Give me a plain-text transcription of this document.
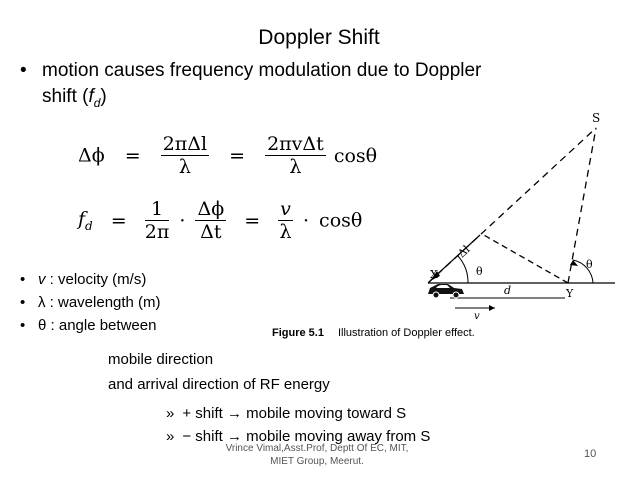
Doppler Shift
• motion causes frequency modulation due to Doppler
shift $(f_d)$
$\Delta\phi = \frac{\text{2πΔl}}{\lambda} = \frac{\text{2πvΔt}}{\lambda}$ cosθ
$f_d = \frac{1}{2\pi} \cdot \frac{\Delta\phi}{\Delta t} = \frac{v}{\lambda} \cdot \cos\theta$
• v : velocity (m/s)
• λ : wavelength (m)
• θ : angle between
mobile direction
and arrival direction of RF energy
» + shift → mobile moving toward S
» − shift → mobile moving away from S
S
X
Y
d
v
Δl
θ
θ
Figure 5.1 Illustration of Doppler effect.
Vrince Vimal,Asst.Prof, Deptt Of EC, MIT,
MIET Group, Meerut.
10
